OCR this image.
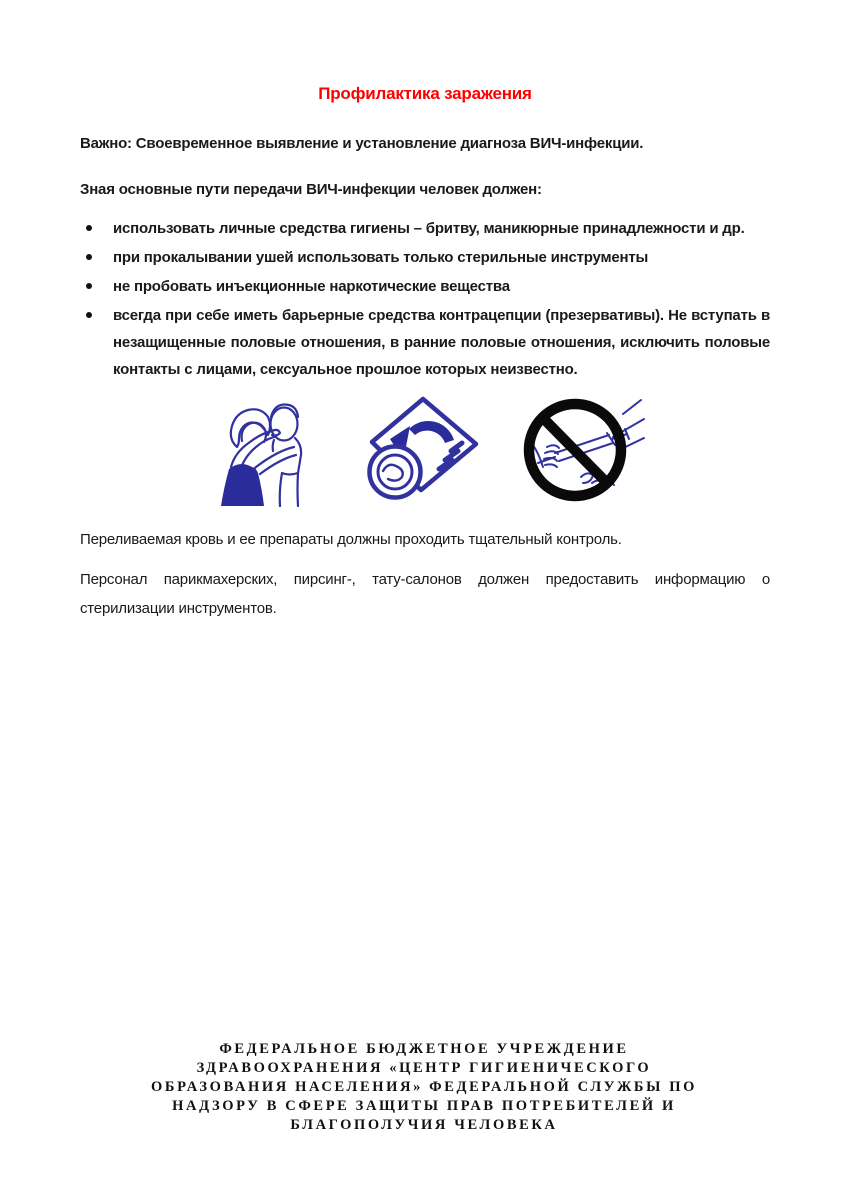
Профилактика заражения

Важно: Своевременное выявление и установление диагноза ВИЧ-инфекции.

Зная основные пути передачи ВИЧ-инфекции человек должен:

использовать личные средства гигиены – бритву, маникюрные принадлежности и др.
при прокалывании ушей использовать только стерильные инструменты
не пробовать инъекционные наркотические вещества
всегда при себе иметь барьерные средства контрацепции (презервативы). Не вступать в незащищенные половые отношения, в ранние половые отношения, исключить половые контакты с лицами, сексуальное прошлое которых неизвестно.

Переливаемая кровь и ее препараты должны проходить тщательный контроль.

Персонал парикмахерских, пирсинг-, тату-салонов должен предоставить информацию о стерилизации инструментов.

ФЕДЕРАЛЬНОЕ БЮДЖЕТНОЕ УЧРЕЖДЕНИЕ
ЗДРАВООХРАНЕНИЯ «ЦЕНТР ГИГИЕНИЧЕСКОГО
ОБРАЗОВАНИЯ НАСЕЛЕНИЯ» ФЕДЕРАЛЬНОЙ СЛУЖБЫ ПО
НАДЗОРУ В СФЕРЕ ЗАЩИТЫ ПРАВ ПОТРЕБИТЕЛЕЙ И
БЛАГОПОЛУЧИЯ ЧЕЛОВЕКА
